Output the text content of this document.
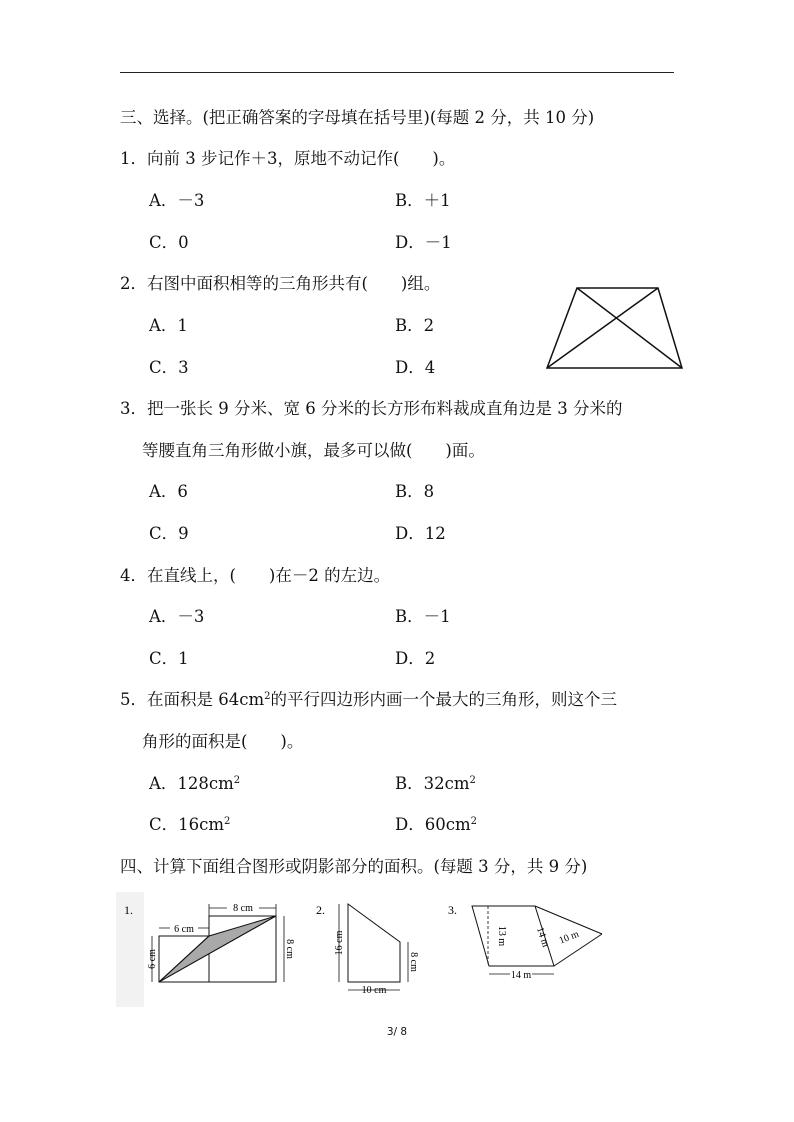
三、选择。(把正确答案的字母填在括号里)(每题 2 分，共 10 分)
1．向前 3 步记作＋3，原地不动记作(　　)。
A．－3	B．＋1
C．0	D．－1
2．右图中面积相等的三角形共有(　　)组。
A．1	B．2
C．3	D．4
3．把一张长 9 分米、宽 6 分米的长方形布料裁成直角边是 3 分米的
等腰直角三角形做小旗，最多可以做(　　)面。
A．6	B．8
C．9	D．12
4．在直线上，(　　)在－2 的左边。
A．－3	B．－1
C．1	D．2
5．在面积是 $64cm^2$的平行四边形内画一个最大的三角形，则这个三
角形的面积是(　　)。
A．$128cm^2$	B．$32cm^2$
C．$16cm^2$	D．$60cm^2$
四、计算下面组合图形或阴影部分的面积。(每题 3 分，共 9 分)
1.	8 cm
6 cm
6 cm
8 cm
2.
16 cm
8 cm
10 cm
3.
13 m	14 m 10 m
14 m
3/ 8
